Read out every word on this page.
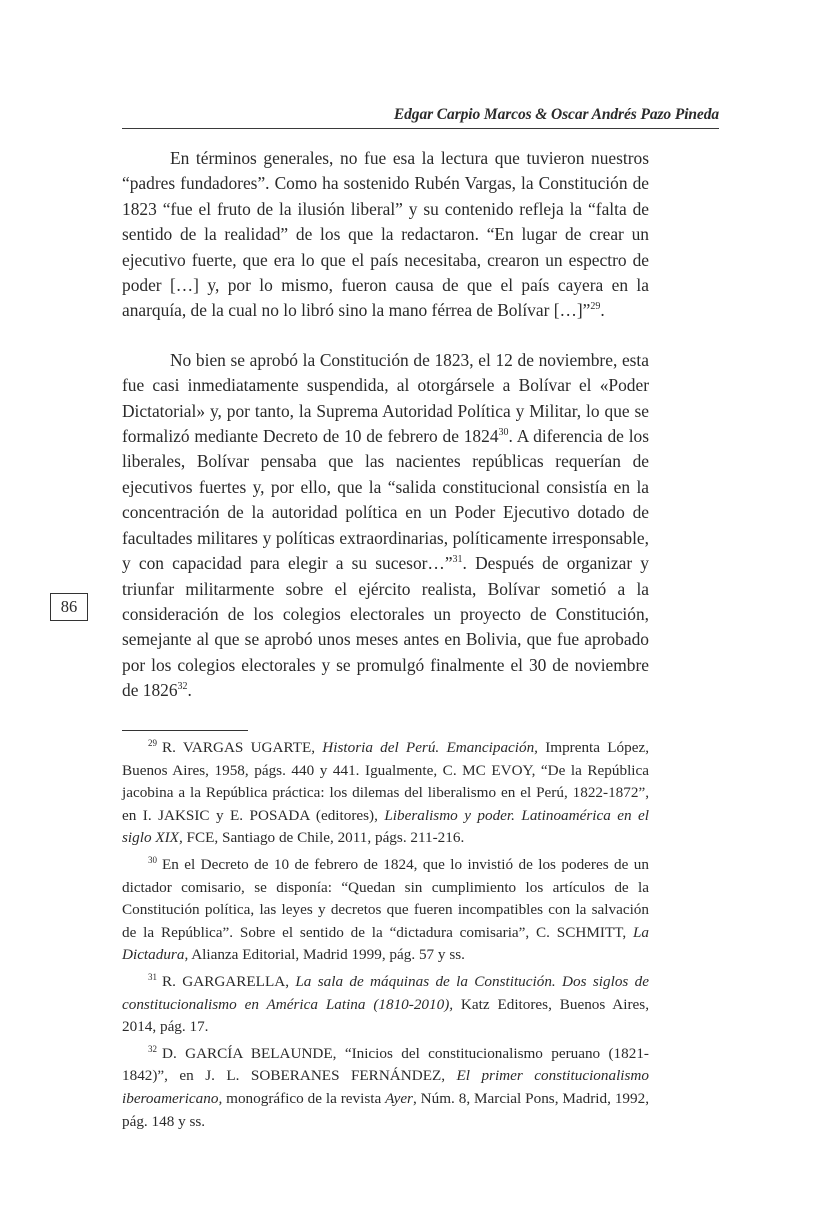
Edgar Carpio Marcos & Oscar Andrés Pazo Pineda

En términos generales, no fue esa la lectura que tuvieron nuestros “padres fundadores”. Como ha sostenido Rubén Vargas, la Constitución de 1823 “fue el fruto de la ilusión liberal” y su contenido refleja la “falta de sentido de la realidad” de los que la redactaron. “En lugar de crear un ejecutivo fuerte, que era lo que el país necesitaba, crearon un espectro de poder […] y, por lo mismo, fueron causa de que el país cayera en la anarquía, de la cual no lo libró sino la mano férrea de Bolívar […]”$^{29}$.

No bien se aprobó la Constitución de 1823, el 12 de noviembre, esta fue casi inmediatamente suspendida, al otorgársele a Bolívar el «Poder Dictatorial» y, por tanto, la Suprema Autoridad Política y Militar, lo que se formalizó mediante Decreto de 10 de febrero de 1824$^{30}$. A diferencia de los liberales, Bolívar pensaba que las nacientes repúblicas requerían de ejecutivos fuertes y, por ello, que la “salida constitucional consistía en la concentración de la autoridad política en un Poder Ejecutivo dotado de facultades militares y políticas extraordinarias, políticamente irresponsable, y con capacidad para elegir a su sucesor…”$^{31}$. Después de organizar y triunfar militarmente sobre el ejército realista, Bolívar sometió a la consideración de los colegios electorales un proyecto de Constitución, semejante al que se aprobó unos meses antes en Bolivia, que fue aprobado por los colegios electorales y se promulgó finalmente el 30 de noviembre de 1826$^{32}$.

86

$^{29}$ R. VARGAS UGARTE, Historia del Perú. Emancipación, Imprenta López, Buenos Aires, 1958, págs. 440 y 441. Igualmente, C. MC EVOY, “De la República jacobina a la República práctica: los dilemas del liberalismo en el Perú, 1822-1872”, en I. JAKSIC y E. POSADA (editores), Liberalismo y poder. Latinoamérica en el siglo XIX, FCE, Santiago de Chile, 2011, págs. 211-216.

$^{30}$ En el Decreto de 10 de febrero de 1824, que lo invistió de los poderes de un dictador comisario, se disponía: “Quedan sin cumplimiento los artículos de la Constitución política, las leyes y decretos que fueren incompatibles con la salvación de la República”. Sobre el sentido de la “dictadura comisaria”, C. SCHMITT, La Dictadura, Alianza Editorial, Madrid 1999, pág. 57 y ss.

$^{31}$ R. GARGARELLA, La sala de máquinas de la Constitución. Dos siglos de constitucionalismo en América Latina (1810-2010), Katz Editores, Buenos Aires, 2014, pág. 17.

$^{32}$ D. GARCÍA BELAUNDE, “Inicios del constitucionalismo peruano (1821-1842)”, en J. L. SOBERANES FERNÁNDEZ, El primer constitucionalismo iberoamericano, monográfico de la revista Ayer, Núm. 8, Marcial Pons, Madrid, 1992, pág. 148 y ss.
